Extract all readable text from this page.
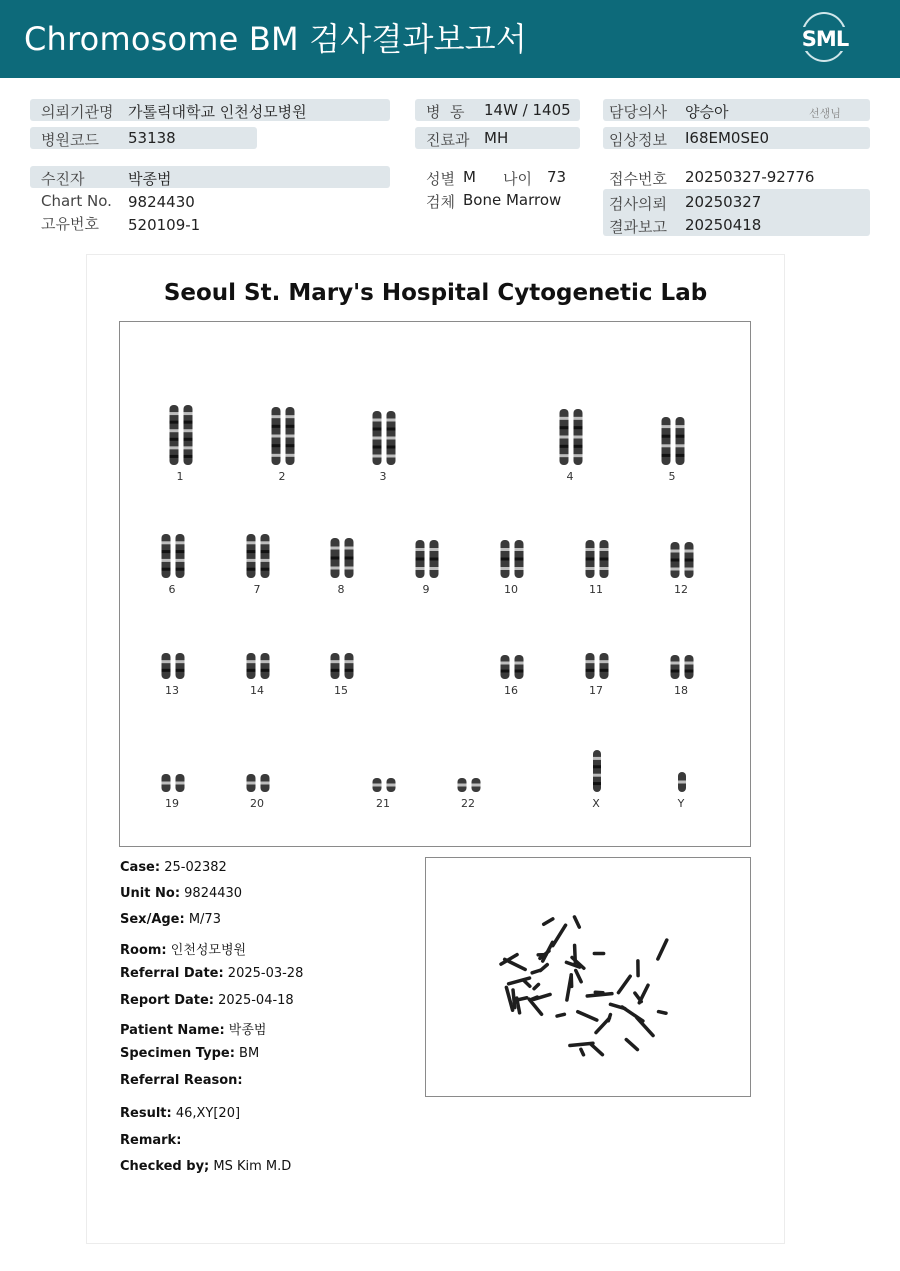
Chromosome BM 검사결과보고서	SML
의뢰기관명 가톨릭대학교 인천성모병원
병원코드 53138
병  동 14W / 1405
진료과 MH
담당의사 양승아	선생님
임상정보 I68EM0SE0
수진자	박종범
Chart No. 9824430
고유번호 520109-1
성별 M 나이 73
검체 Bone Marrow
접수번호 20250327-92776
검사의뢰 20250327
결과보고 20250418
Seoul St. Mary's Hospital Cytogenetic Lab
1	2	3	4	5
6	7	8	9	10	11	12
13	14	15	16	17	18
19	20	21	22	X	Y
Case: 25-02382
Unit No: 9824430
Sex/Age: M/73
Room: 인천성모병원
Referral Date: 2025-03-28
Report Date: 2025-04-18
Patient Name: 박종범
Specimen Type: BM
Referral Reason:
Result: 46,XY[20]
Remark:
Checked by; MS Kim M.D
